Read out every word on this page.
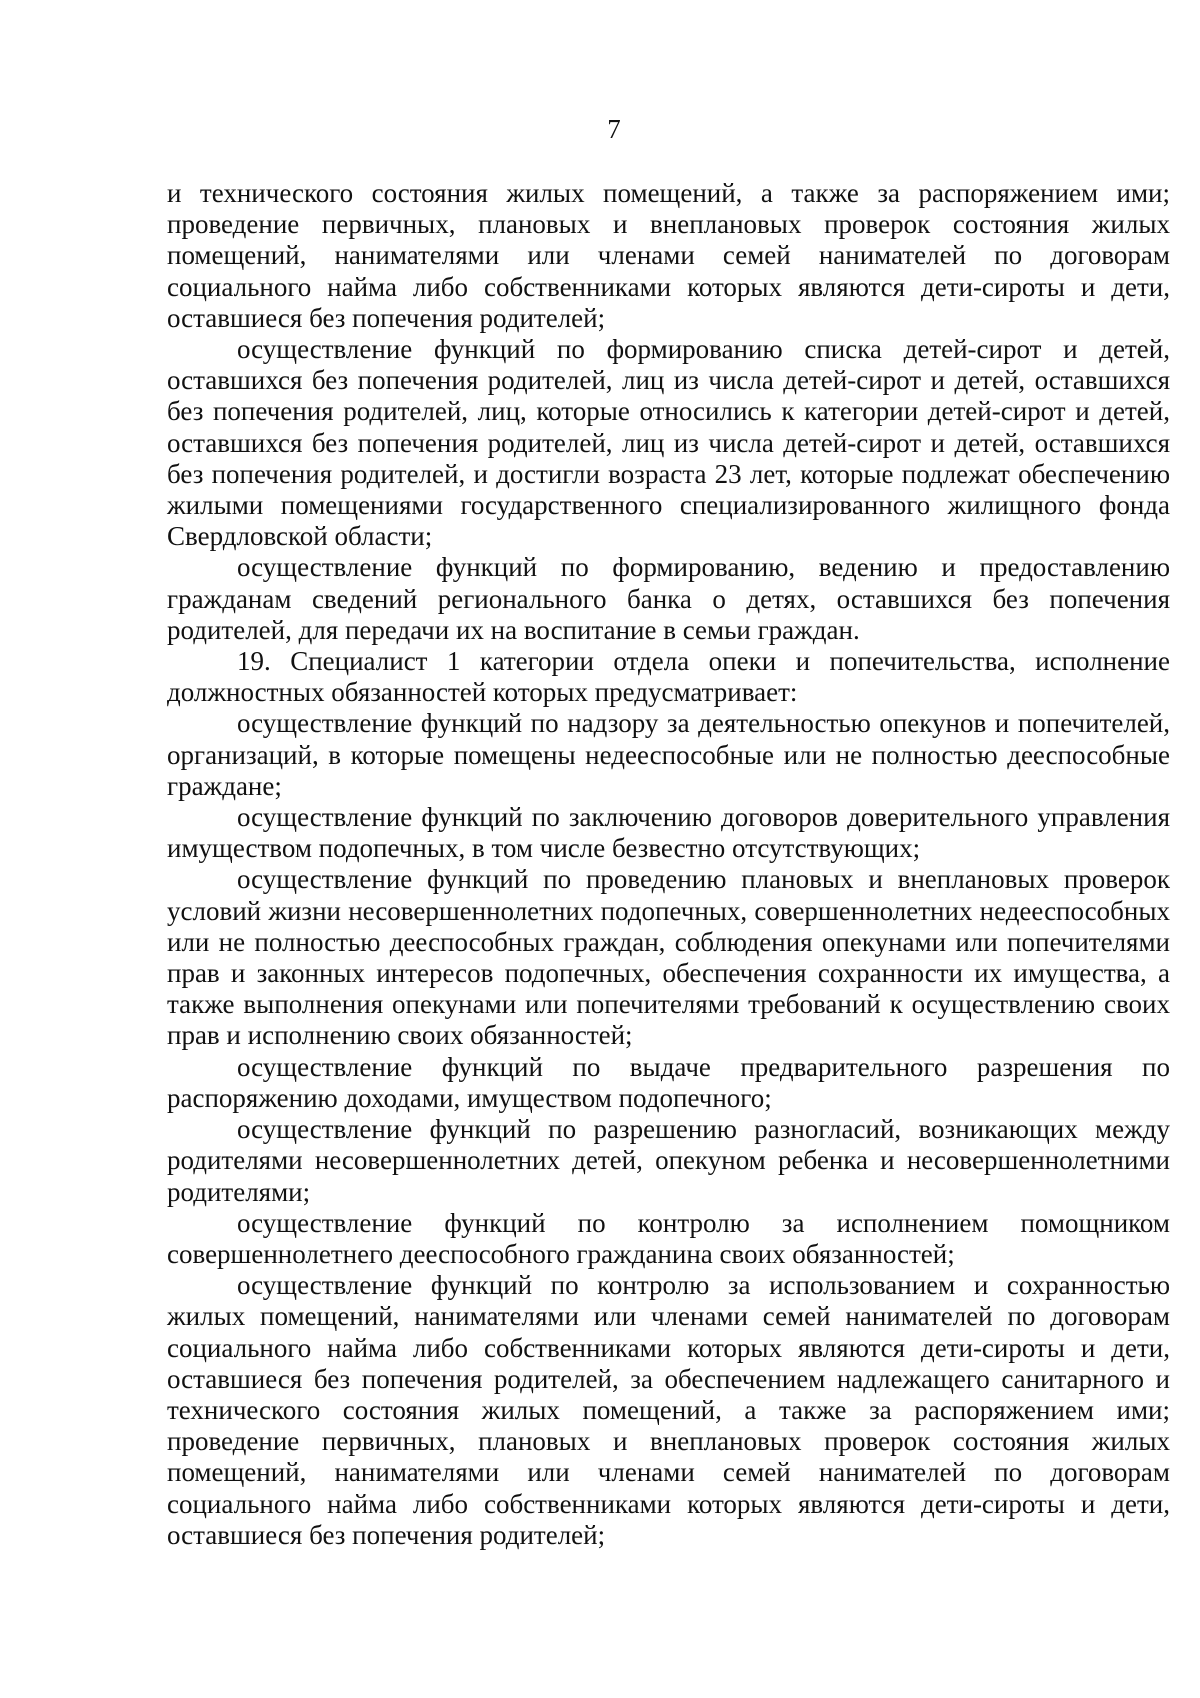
7

и технического состояния жилых помещений, а также за распоряжением ими; проведение первичных, плановых и внеплановых проверок состояния жилых помещений, нанимателями или членами семей нанимателей по договорам социального найма либо собственниками которых являются дети-сироты и дети, оставшиеся без попечения родителей;

осуществление функций по формированию списка детей-сирот и детей, оставшихся без попечения родителей, лиц из числа детей-сирот и детей, оставшихся без попечения родителей, лиц, которые относились к категории детей-сирот и детей, оставшихся без попечения родителей, лиц из числа детей-сирот и детей, оставшихся без попечения родителей, и достигли возраста 23 лет, которые подлежат обеспечению жилыми помещениями государственного специализированного жилищного фонда Свердловской области;

осуществление функций по формированию, ведению и предоставлению гражданам сведений регионального банка о детях, оставшихся без попечения родителей, для передачи их на воспитание в семьи граждан.

19. Специалист 1 категории отдела опеки и попечительства, исполнение должностных обязанностей которых предусматривает:

осуществление функций по надзору за деятельностью опекунов и попечителей, организаций, в которые помещены недееспособные или не полностью дееспособные граждане;

осуществление функций по заключению договоров доверительного управления имуществом подопечных, в том числе безвестно отсутствующих;

осуществление функций по проведению плановых и внеплановых проверок условий жизни несовершеннолетних подопечных, совершеннолетних недееспособных или не полностью дееспособных граждан, соблюдения опекунами или попечителями прав и законных интересов подопечных, обеспечения сохранности их имущества, а также выполнения опекунами или попечителями требований к осуществлению своих прав и исполнению своих обязанностей;

осуществление функций по выдаче предварительного разрешения по распоряжению доходами, имуществом подопечного;

осуществление функций по разрешению разногласий, возникающих между родителями несовершеннолетних детей, опекуном ребенка и несовершеннолетними родителями;

осуществление функций по контролю за исполнением помощником совершеннолетнего дееспособного гражданина своих обязанностей;

осуществление функций по контролю за использованием и сохранностью жилых помещений, нанимателями или членами семей нанимателей по договорам социального найма либо собственниками которых являются дети-сироты и дети, оставшиеся без попечения родителей, за обеспечением надлежащего санитарного и технического состояния жилых помещений, а также за распоряжением ими; проведение первичных, плановых и внеплановых проверок состояния жилых помещений, нанимателями или членами семей нанимателей по договорам социального найма либо собственниками которых являются дети-сироты и дети, оставшиеся без попечения родителей;
